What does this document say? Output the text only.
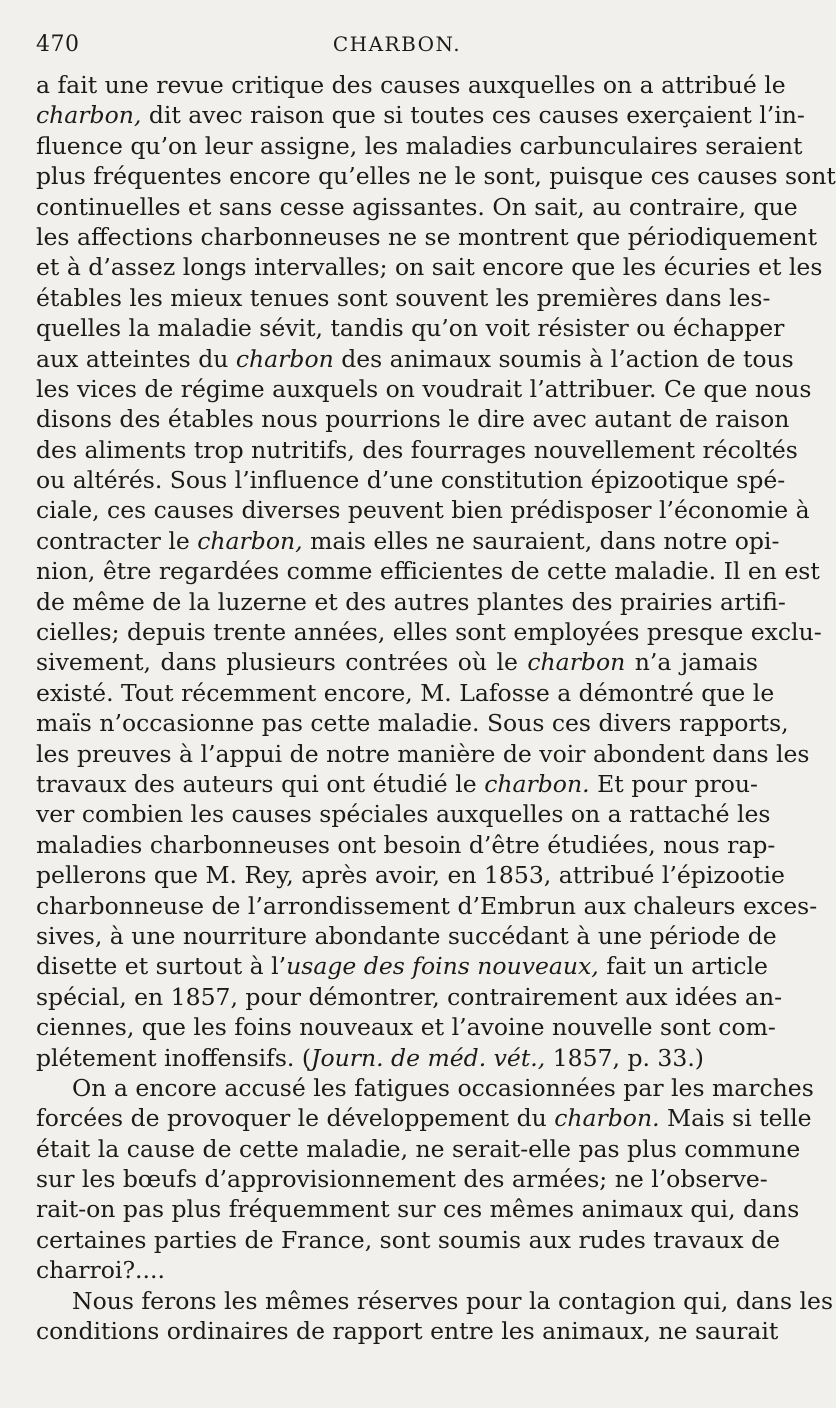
470	CHARBON.
a fait une revue critique des causes auxquelles on a attribué le
charbon, dit avec raison que si toutes ces causes exerçaient l’in-
fluence qu’on leur assigne, les maladies carbunculaires seraient
plus fréquentes encore qu’elles ne le sont, puisque ces causes sont
continuelles et sans cesse agissantes. On sait, au contraire, que
les affections charbonneuses ne se montrent que périodiquement
et à d’assez longs intervalles; on sait encore que les écuries et les
étables les mieux tenues sont souvent les premières dans les-
quelles la maladie sévit, tandis qu’on voit résister ou échapper
aux atteintes du charbon des animaux soumis à l’action de tous
les vices de régime auxquels on voudrait l’attribuer. Ce que nous
disons des étables nous pourrions le dire avec autant de raison
des aliments trop nutritifs, des fourrages nouvellement récoltés
ou altérés. Sous l’influence d’une constitution épizootique spé-
ciale, ces causes diverses peuvent bien prédisposer l’économie à
contracter le charbon, mais elles ne sauraient, dans notre opi-
nion, être regardées comme efficientes de cette maladie. Il en est
de même de la luzerne et des autres plantes des prairies artifi-
cielles; depuis trente années, elles sont employées presque exclu-
sivement, dans plusieurs contrées où le charbon n’a jamais
existé. Tout récemment encore, M. Lafosse a démontré que le
maïs n’occasionne pas cette maladie. Sous ces divers rapports,
les preuves à l’appui de notre manière de voir abondent dans les
travaux des auteurs qui ont étudié le charbon. Et pour prou-
ver combien les causes spéciales auxquelles on a rattaché les
maladies charbonneuses ont besoin d’être étudiées, nous rap-
pellerons que M. Rey, après avoir, en 1853, attribué l’épizootie
charbonneuse de l’arrondissement d’Embrun aux chaleurs exces-
sives, à une nourriture abondante succédant à une période de
disette et surtout à l’usage des foins nouveaux, fait un article
spécial, en 1857, pour démontrer, contrairement aux idées an-
ciennes, que les foins nouveaux et l’avoine nouvelle sont com-
plétement inoffensifs. (Journ. de méd. vét., 1857, p. 33.)
On a encore accusé les fatigues occasionnées par les marches
forcées de provoquer le développement du charbon. Mais si telle
était la cause de cette maladie, ne serait-elle pas plus commune
sur les bœufs d’approvisionnement des armées; ne l’observe-
rait-on pas plus fréquemment sur ces mêmes animaux qui, dans
certaines parties de France, sont soumis aux rudes travaux de
charroi?....
Nous ferons les mêmes réserves pour la contagion qui, dans les
conditions ordinaires de rapport entre les animaux, ne saurait
